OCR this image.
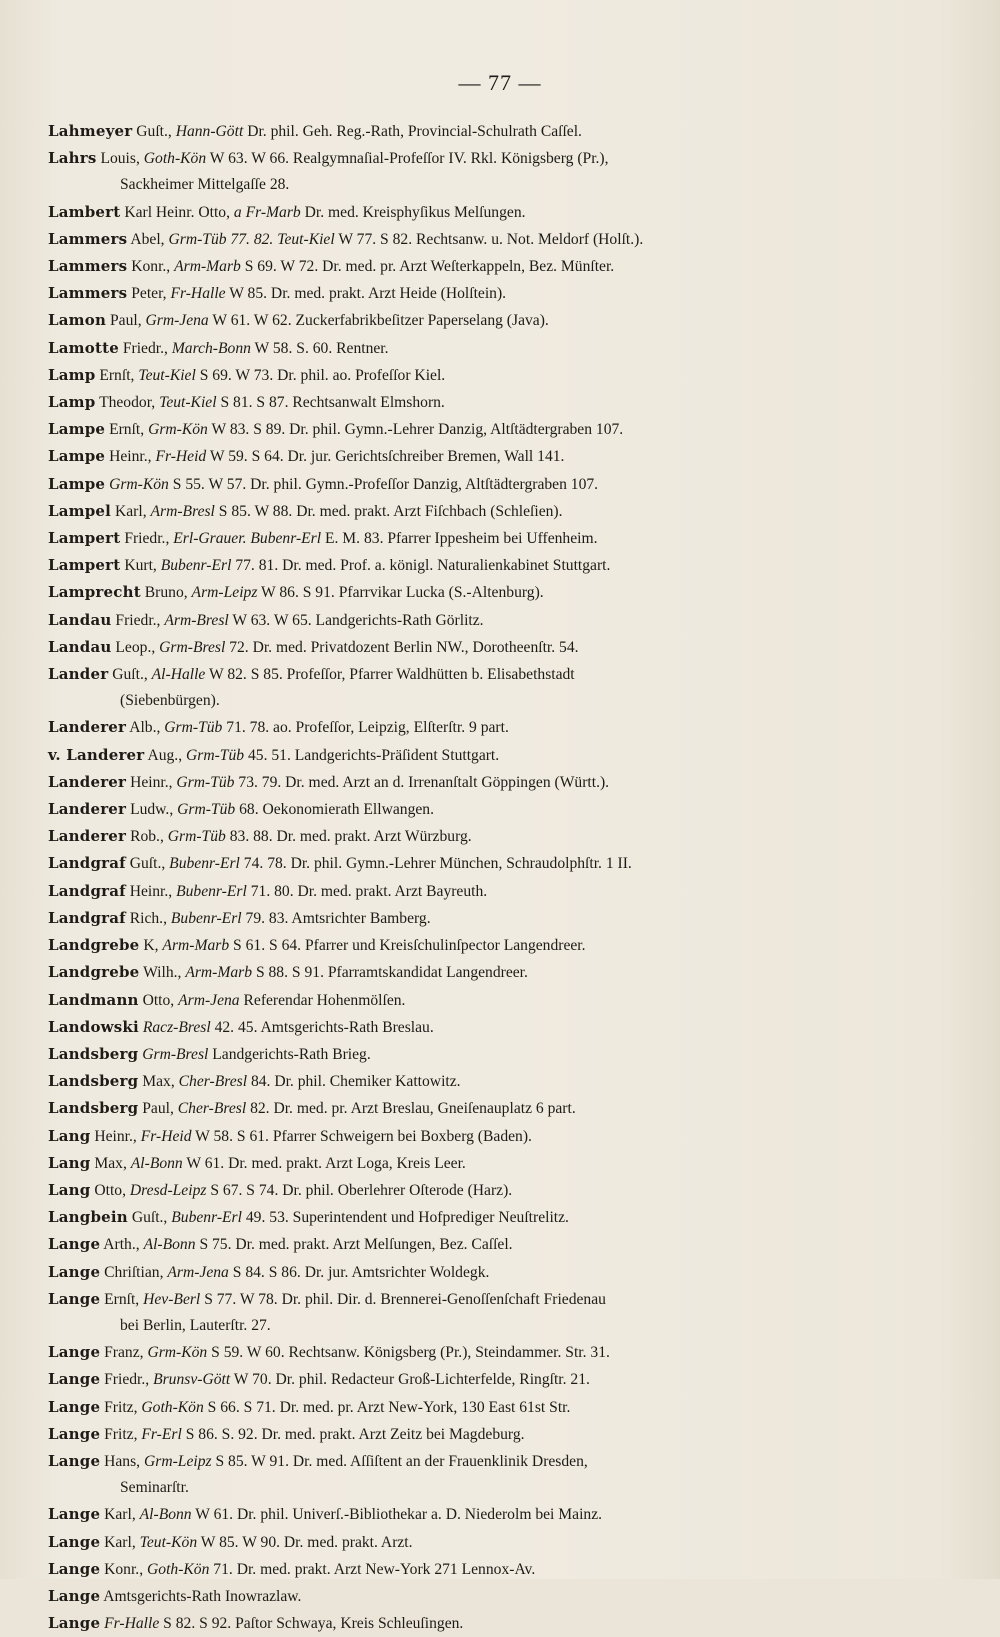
— 77 —
Lahmeyer Guſt., Hann-Gött Dr. phil. Geh. Reg.-Rath, Provincial-Schulrath Caſſel.
Lahrs Louis, Goth-Kön W 63. W 66. Realgymnaſial-Profeſſor IV. Rkl. Königsberg (Pr.),
Sackheimer Mittelgaſſe 28.
Lambert Karl Heinr. Otto, a Fr-Marb Dr. med. Kreisphyſikus Melſungen.
Lammers Abel, Grm-Tüb 77. 82. Teut-Kiel W 77. S 82. Rechtsanw. u. Not. Meldorf (Holſt.).
Lammers Konr., Arm-Marb S 69. W 72. Dr. med. pr. Arzt Weſterkappeln, Bez. Münſter.
Lammers Peter, Fr-Halle W 85. Dr. med. prakt. Arzt Heide (Holſtein).
Lamon Paul, Grm-Jena W 61. W 62. Zuckerfabrikbeſitzer Paperselang (Java).
Lamotte Friedr., March-Bonn W 58. S. 60. Rentner.
Lamp Ernſt, Teut-Kiel S 69. W 73. Dr. phil. ao. Profeſſor Kiel.
Lamp Theodor, Teut-Kiel S 81. S 87. Rechtsanwalt Elmshorn.
Lampe Ernſt, Grm-Kön W 83. S 89. Dr. phil. Gymn.-Lehrer Danzig, Altſtädtergraben 107.
Lampe Heinr., Fr-Heid W 59. S 64. Dr. jur. Gerichtsſchreiber Bremen, Wall 141.
Lampe Grm-Kön S 55. W 57. Dr. phil. Gymn.-Profeſſor Danzig, Altſtädtergraben 107.
Lampel Karl, Arm-Bresl S 85. W 88. Dr. med. prakt. Arzt Fiſchbach (Schleſien).
Lampert Friedr., Erl-Grauer. Bubenr-Erl E. M. 83. Pfarrer Ippesheim bei Uffenheim.
Lampert Kurt, Bubenr-Erl 77. 81. Dr. med. Prof. a. königl. Naturalienkabinet Stuttgart.
Lamprecht Bruno, Arm-Leipz W 86. S 91. Pfarrvikar Lucka (S.-Altenburg).
Landau Friedr., Arm-Bresl W 63. W 65. Landgerichts-Rath Görlitz.
Landau Leop., Grm-Bresl 72. Dr. med. Privatdozent Berlin NW., Dorotheenſtr. 54.
Lander Guſt., Al-Halle W 82. S 85. Profeſſor, Pfarrer Waldhütten b. Elisabethstadt
(Siebenbürgen).
Landerer Alb., Grm-Tüb 71. 78. ao. Profeſſor, Leipzig, Elſterſtr. 9 part.
v. Landerer Aug., Grm-Tüb 45. 51. Landgerichts-Präſident Stuttgart.
Landerer Heinr., Grm-Tüb 73. 79. Dr. med. Arzt an d. Irrenanſtalt Göppingen (Württ.).
Landerer Ludw., Grm-Tüb 68. Oekonomierath Ellwangen.
Landerer Rob., Grm-Tüb 83. 88. Dr. med. prakt. Arzt Würzburg.
Landgraf Guſt., Bubenr-Erl 74. 78. Dr. phil. Gymn.-Lehrer München, Schraudolphſtr. 1 II.
Landgraf Heinr., Bubenr-Erl 71. 80. Dr. med. prakt. Arzt Bayreuth.
Landgraf Rich., Bubenr-Erl 79. 83. Amtsrichter Bamberg.
Landgrebe K, Arm-Marb S 61. S 64. Pfarrer und Kreisſchulinſpector Langendreer.
Landgrebe Wilh., Arm-Marb S 88. S 91. Pfarramtskandidat Langendreer.
Landmann Otto, Arm-Jena Referendar Hohenmölſen.
Landowski Racz-Bresl 42. 45. Amtsgerichts-Rath Breslau.
Landsberg Grm-Bresl Landgerichts-Rath Brieg.
Landsberg Max, Cher-Bresl 84. Dr. phil. Chemiker Kattowitz.
Landsberg Paul, Cher-Bresl 82. Dr. med. pr. Arzt Breslau, Gneiſenauplatz 6 part.
Lang Heinr., Fr-Heid W 58. S 61. Pfarrer Schweigern bei Boxberg (Baden).
Lang Max, Al-Bonn W 61. Dr. med. prakt. Arzt Loga, Kreis Leer.
Lang Otto, Dresd-Leipz S 67. S 74. Dr. phil. Oberlehrer Oſterode (Harz).
Langbein Guſt., Bubenr-Erl 49. 53. Superintendent und Hofprediger Neuſtrelitz.
Lange Arth., Al-Bonn S 75. Dr. med. prakt. Arzt Melſungen, Bez. Caſſel.
Lange Chriſtian, Arm-Jena S 84. S 86. Dr. jur. Amtsrichter Woldegk.
Lange Ernſt, Hev-Berl S 77. W 78. Dr. phil. Dir. d. Brennerei-Genoſſenſchaft Friedenau
bei Berlin, Lauterſtr. 27.
Lange Franz, Grm-Kön S 59. W 60. Rechtsanw. Königsberg (Pr.), Steindammer. Str. 31.
Lange Friedr., Brunsv-Gött W 70. Dr. phil. Redacteur Groß-Lichterfelde, Ringſtr. 21.
Lange Fritz, Goth-Kön S 66. S 71. Dr. med. pr. Arzt New-York, 130 East 61st Str.
Lange Fritz, Fr-Erl S 86. S. 92. Dr. med. prakt. Arzt Zeitz bei Magdeburg.
Lange Hans, Grm-Leipz S 85. W 91. Dr. med. Aſſiſtent an der Frauenklinik Dresden,
Seminarſtr.
Lange Karl, Al-Bonn W 61. Dr. phil. Univerſ.-Bibliothekar a. D. Niederolm bei Mainz.
Lange Karl, Teut-Kön W 85. W 90. Dr. med. prakt. Arzt.
Lange Konr., Goth-Kön 71. Dr. med. prakt. Arzt New-York 271 Lennox-Av.
Lange Amtsgerichts-Rath Inowrazlaw.
Lange Fr-Halle S 82. S 92. Paſtor Schwaya, Kreis Schleuſingen.
